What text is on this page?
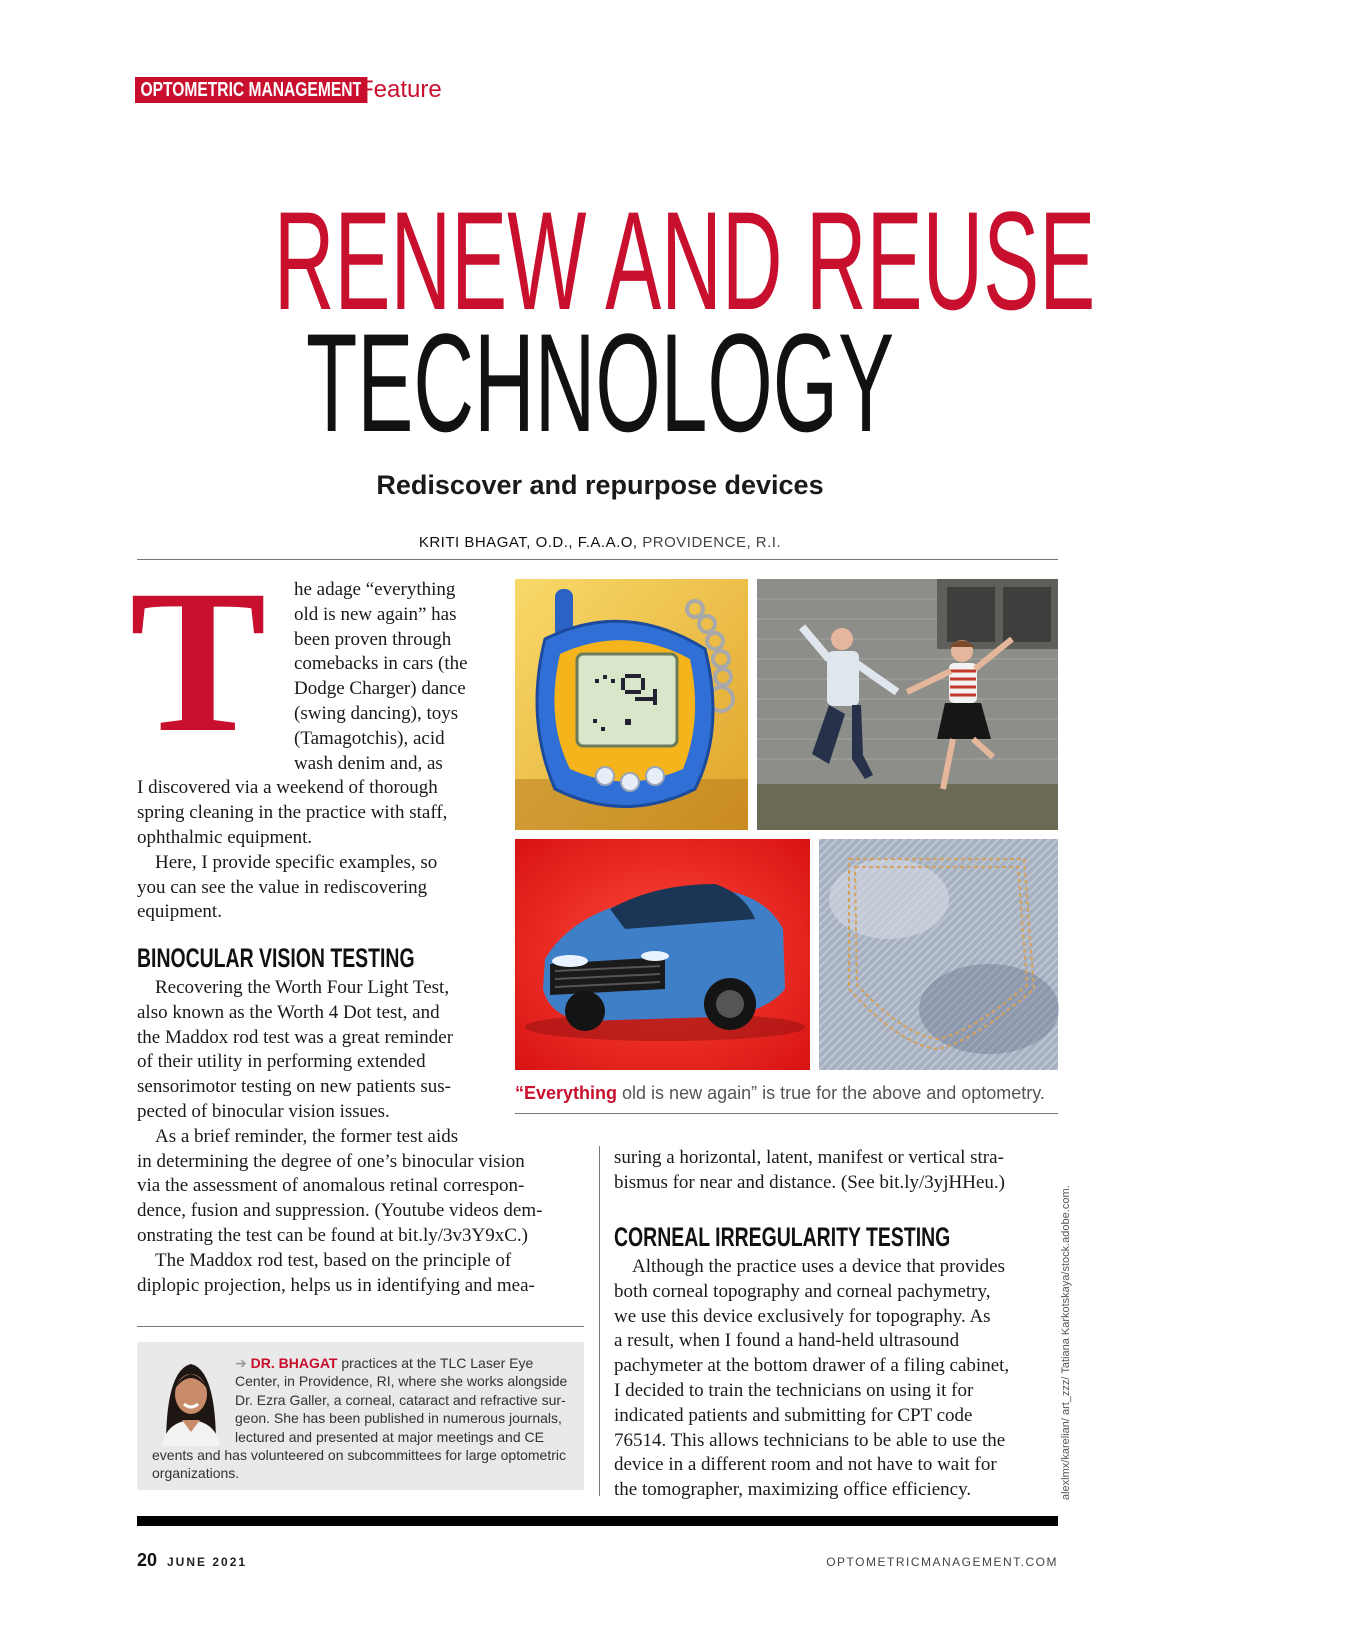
OPTOMETRIC MANAGEMENT
Feature
RENEW AND REUSE
TECHNOLOGY
Rediscover and repurpose devices
KRITI BHAGAT, O.D., F.A.A.O, PROVIDENCE, R.I.
T he adage “everything
old is new again” has
been proven through
comebacks in cars (the
Dodge Charger) dance
(swing dancing), toys
(Tamagotchis), acid
wash denim and, as
I discovered via a weekend of thorough
spring cleaning in the practice with staff,
ophthalmic equipment.
Here, I provide specific examples, so
you can see the value in rediscovering
equipment.
BINOCULAR VISION TESTING
Recovering the Worth Four Light Test,
also known as the Worth 4 Dot test, and
the Maddox rod test was a great reminder
of their utility in performing extended
sensorimotor testing on new patients sus-
pected of binocular vision issues.
As a brief reminder, the former test aids
in determining the degree of one’s binocular vision
via the assessment of anomalous retinal correspon-
dence, fusion and suppression. (Youtube videos dem-
onstrating the test can be found at bit.ly/3v3Y9xC.)
The Maddox rod test, based on the principle of
diplopic projection, helps us in identifying and mea-
“Everything old is new again” is true for the above and optometry.
suring a horizontal, latent, manifest or vertical stra-
bismus for near and distance. (See bit.ly/3yjHHeu.)
CORNEAL IRREGULARITY TESTING
Although the practice uses a device that provides
both corneal topography and corneal pachymetry,
we use this device exclusively for topography. As
a result, when I found a hand-held ultrasound
pachymeter at the bottom drawer of a filing cabinet,
I decided to train the technicians on using it for
indicated patients and submitting for CPT code
76514. This allows technicians to be able to use the
device in a different room and not have to wait for
the tomographer, maximizing office efficiency.
➔ DR. BHAGAT practices at the TLC Laser Eye
Center, in Providence, RI, where she works alongside
Dr. Ezra Galler, a corneal, cataract and refractive sur-
geon. She has been published in numerous journals,
lectured and presented at major meetings and CE
events and has volunteered on subcommittees for large optometric
organizations.	alexlmx/karelian/ art_zzz/ Tatiana Karkotskaya/stock.adobe.com.
20 JUNE 2021	OPTOMETRICMANAGEMENT.COM
